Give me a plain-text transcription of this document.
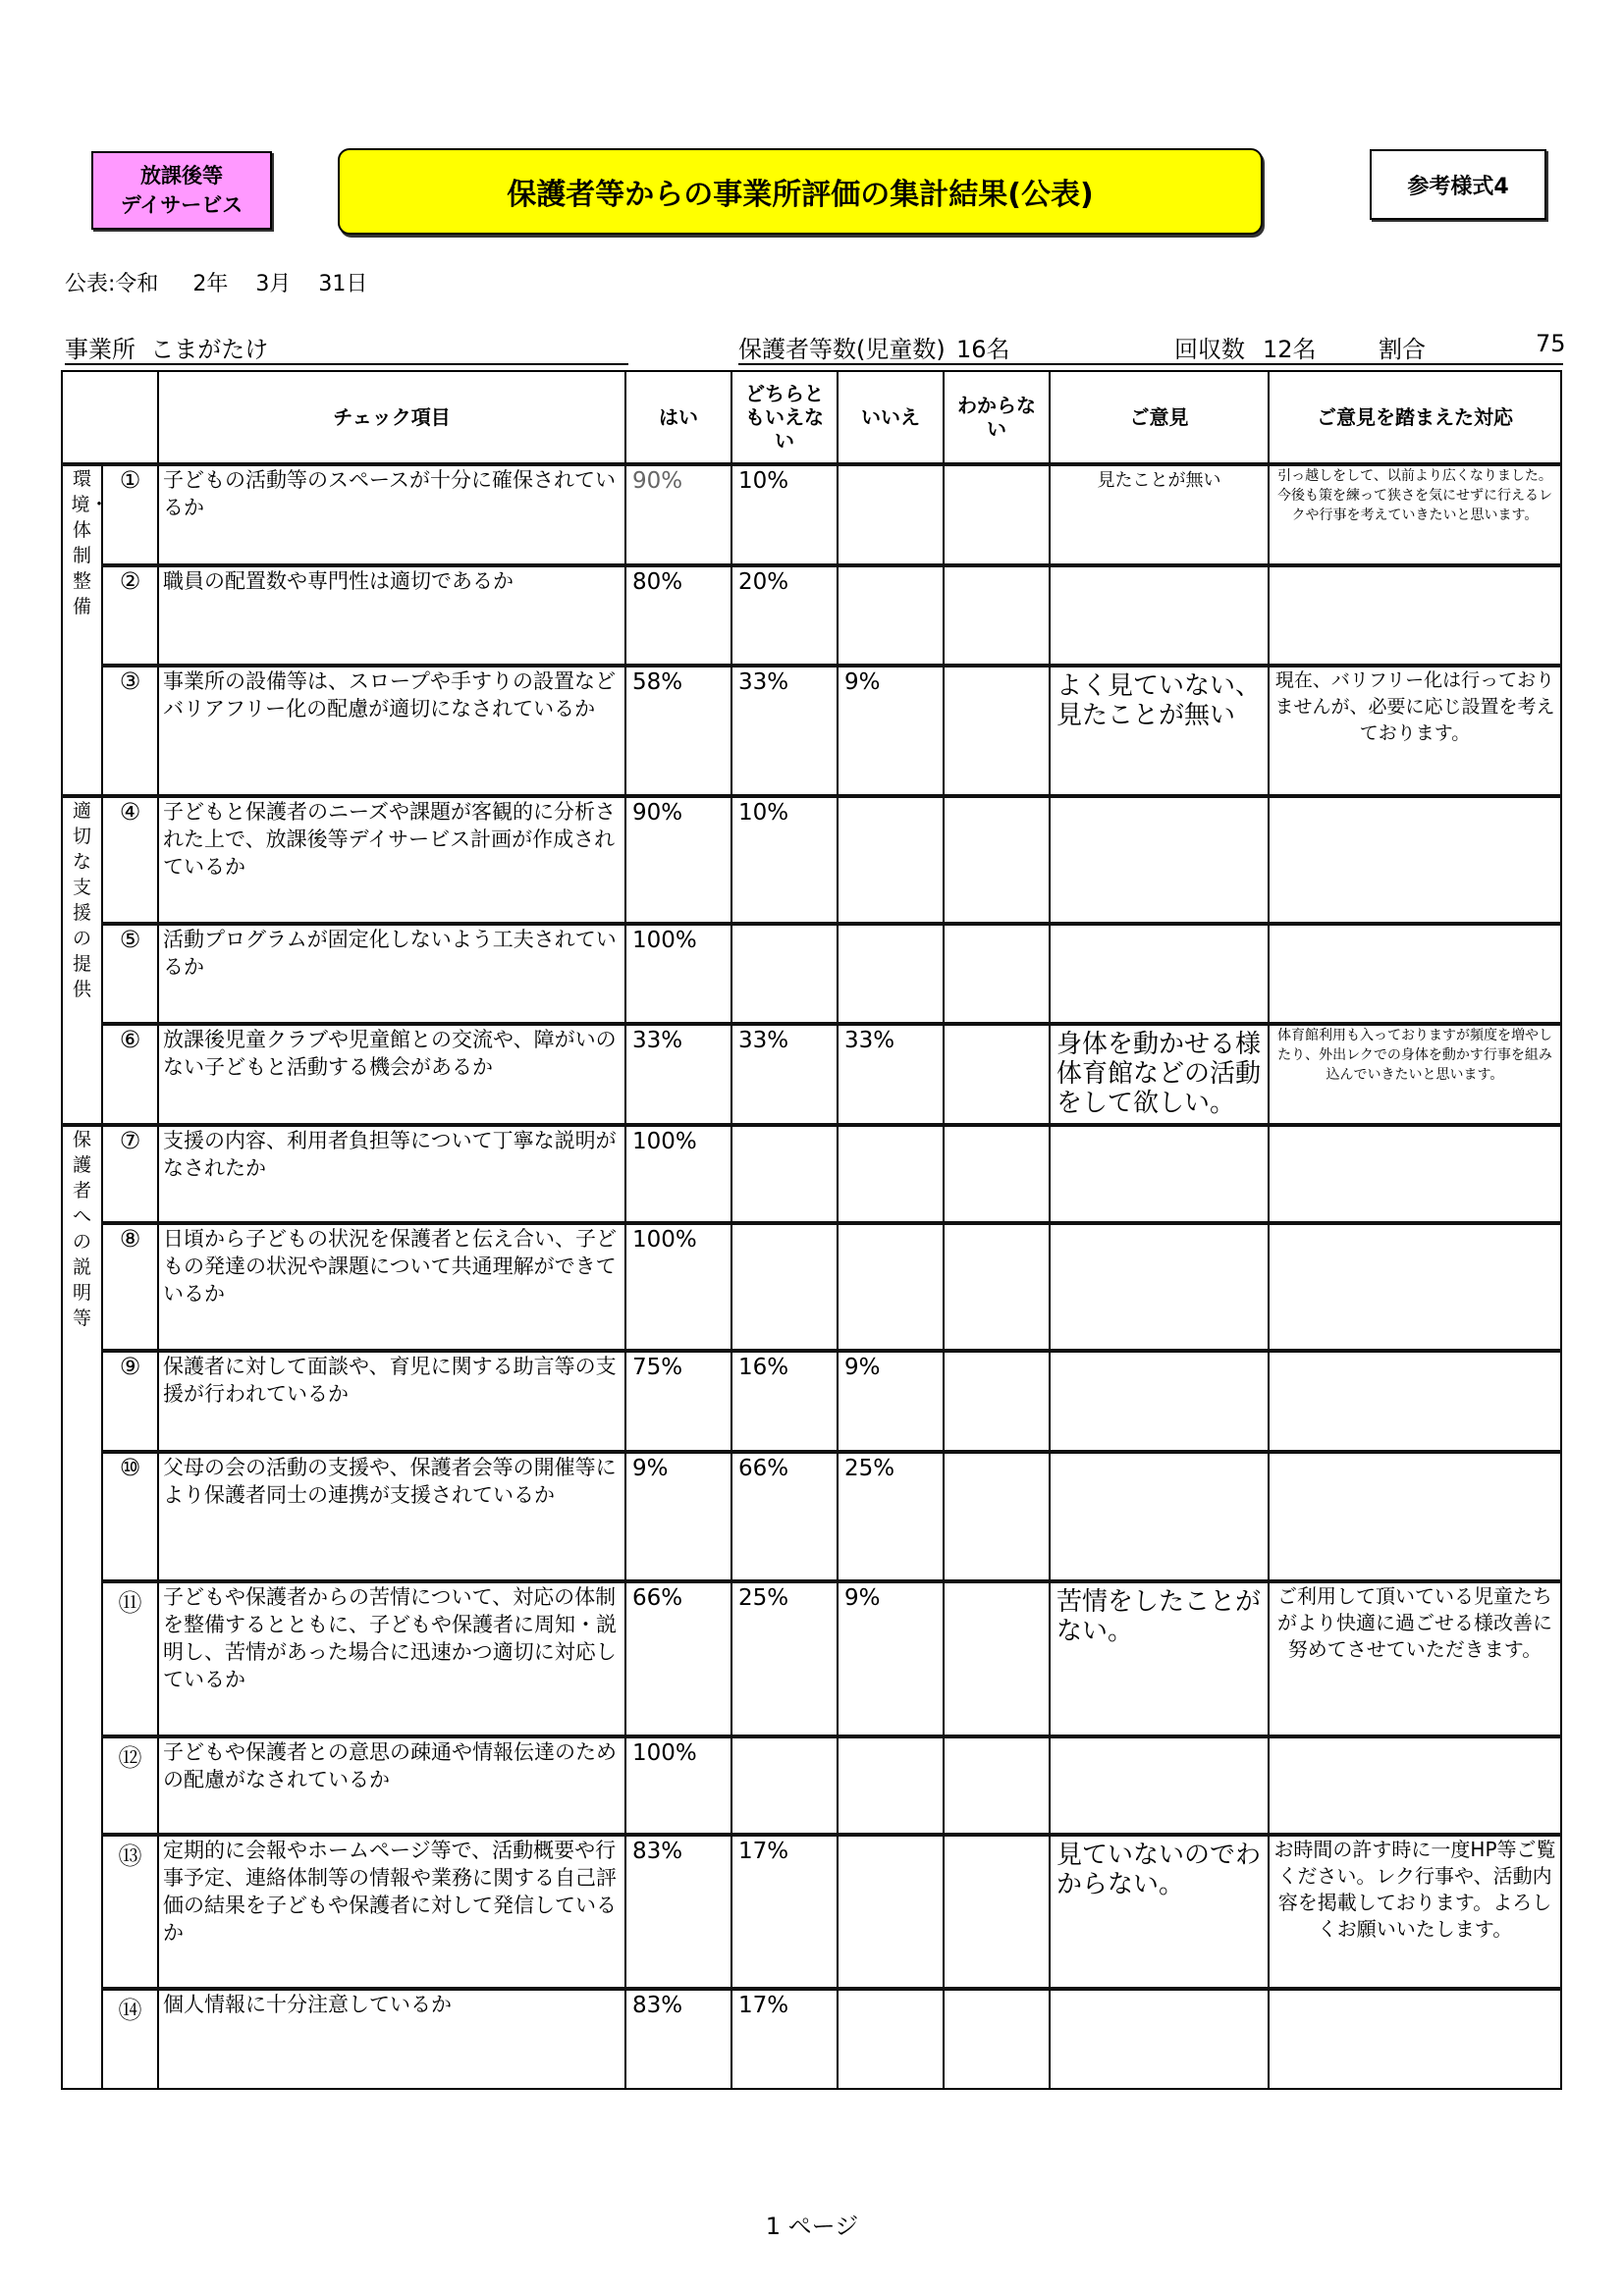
放課後等
デイサービス	保護者等からの事業所評価の集計結果(公表)	参考様式4
公表:令和 2年 3月 31日
事業所 こまがたけ	保護者等数(児童数) 16名	回収数 12名	割合	75
		チェック項目	はい	どちらともいえない	いいえ	わからない	ご意見	ご意見を踏まえた対応
環境・体制整備	①	子どもの活動等のスペースが十分に確保されているか	90%	10%			見たことが無い	引っ越しをして、以前より広くなりました。今後も策を練って狭さを気にせずに行えるレクや行事を考えていきたいと思います。
	②	職員の配置数や専門性は適切であるか	80%	20%				
	③	事業所の設備等は、スロープや手すりの設置などバリアフリー化の配慮が適切になされているか	58%	33%	9%		よく見ていない、見たことが無い	現在、バリフリー化は行っておりませんが、必要に応じ設置を考えております。
適切な支援の提供	④	子どもと保護者のニーズや課題が客観的に分析された上で、放課後等デイサービス計画が作成されているか	90%	10%				
	⑤	活動プログラムが固定化しないよう工夫されているか	100%					
	⑥	放課後児童クラブや児童館との交流や、障がいのない子どもと活動する機会があるか	33%	33%	33%		身体を動かせる様体育館などの活動をして欲しい。	体育館利用も入っておりますが頻度を増やしたり、外出レクでの身体を動かす行事を組み込んでいきたいと思います。
保護者への説明等	⑦	支援の内容、利用者負担等について丁寧な説明がなされたか	100%					
	⑧	日頃から子どもの状況を保護者と伝え合い、子どもの発達の状況や課題について共通理解ができているか	100%					
	⑨	保護者に対して面談や、育児に関する助言等の支援が行われているか	75%	16%	9%			
	⑩	父母の会の活動の支援や、保護者会等の開催等により保護者同士の連携が支援されているか	9%	66%	25%			
	⑪	子どもや保護者からの苦情について、対応の体制を整備するとともに、子どもや保護者に周知・説明し、苦情があった場合に迅速かつ適切に対応しているか	66%	25%	9%		苦情をしたことがない。	ご利用して頂いている児童たちがより快適に過ごせる様改善に努めてさせていただきます。
	⑫	子どもや保護者との意思の疎通や情報伝達のための配慮がなされているか	100%					
	⑬	定期的に会報やホームページ等で、活動概要や行事予定、連絡体制等の情報や業務に関する自己評価の結果を子どもや保護者に対して発信しているか	83%	17%			見ていないのでわからない。	お時間の許す時に一度HP等ご覧ください。レク行事や、活動内容を掲載しております。よろしくお願いいたします。
	⑭	個人情報に十分注意しているか	83%	17%				
1 ページ
